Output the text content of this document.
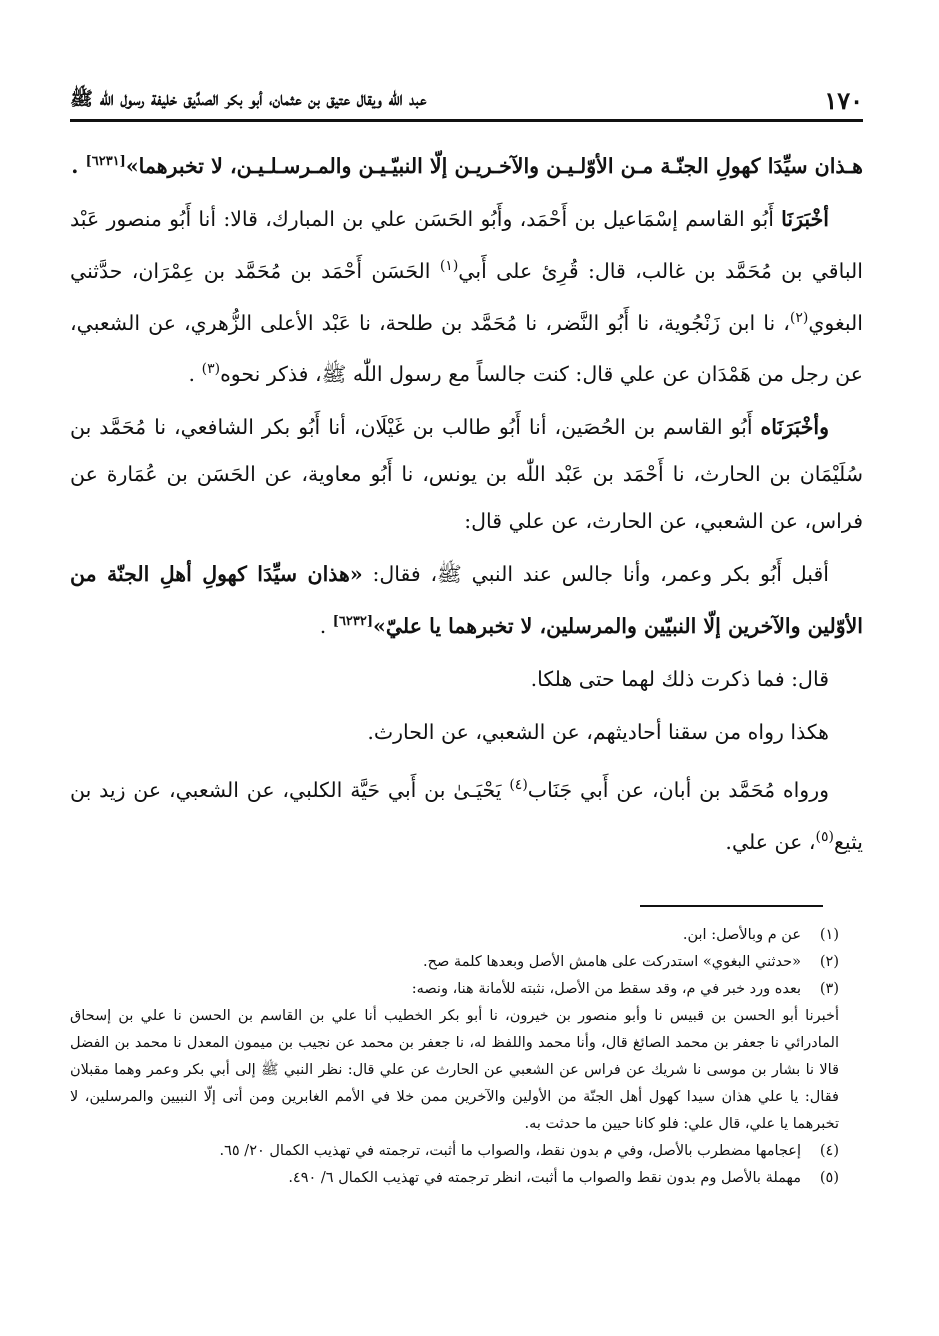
١٧٠
عبد اللّٰه ويقال عتيق بن عثمان، أبو بكر الصدِّيق خليفة رسول اللّٰه ﷺ

هـذان سيِّدَا كهولِ الجنّـة مـن الأوّلـيـن والآخـريـن إلّا النبيّـيـن والمـرسـلـيـن، لا تخبرهما»[٦٢٣١] .

أخْبَرَنَا أَبُو القاسم إسْمَاعيل بن أَحْمَد، وأَبُو الحَسَن علي بن المبارك، قالا: أنا أَبُو منصور عَبْد الباقي بن مُحَمَّد بن غالب، قال: قُرِئ على أَبي$^{(١)}$ الحَسَن أَحْمَد بن مُحَمَّد بن عِمْرَان، حدَّثني البغوي$^{(٢)}$، نا ابن زَنْجُوية، نا أَبُو النَّضر، نا مُحَمَّد بن طلحة، نا عَبْد الأعلى الزُّهري، عن الشعبي، عن رجل من هَمْدَان عن علي قال: كنت جالساً مع رسول اللّٰه ﷺ، فذكر نحوه$^{(٣)}$ .

وأخْبَرَنَاه أَبُو القاسم بن الحُصَين، أنا أَبُو طالب بن غَيْلَان، أنا أَبُو بكر الشافعي، نا مُحَمَّد بن سُلَيْمَان بن الحارث، نا أَحْمَد بن عَبْد اللّٰه بن يونس، نا أَبُو معاوية، عن الحَسَن بن عُمَارة عن فراس، عن الشعبي، عن الحارث، عن علي قال:

أقبل أَبُو بكر وعمر، وأنا جالس عند النبي ﷺ، فقال: «هذان سيِّدَا كهولِ أهلِ الجنّة من الأوّلين والآخرين إلّا النبيّين والمرسلين، لا تخبرهما يا عليّ»[٦٢٣٢] .

قال: فما ذكرت ذلك لهما حتى هلكا.

هكذا رواه من سقنا أحاديثهم، عن الشعبي، عن الحارث.

ورواه مُحَمَّد بن أبان، عن أَبي جَنَاب$^{(٤)}$ يَحْيَـىٰ بن أَبي حَيَّة الكلبي، عن الشعبي، عن زيد بن يثيع$^{(٥)}$، عن علي.

(١)
عن م وبالأصل: ابن.
(٢)
«حدثني البغوي» استدركت على هامش الأصل وبعدها كلمة صح.
(٣)
بعده ورد خبر في م، وقد سقط من الأصل، نثبته للأمانة هنا، ونصه:
أخبرنا أبو الحسن بن قبيس نا وأبو منصور بن خيرون، نا أبو بكر الخطيب أنا علي بن القاسم بن الحسن نا علي بن إسحاق المادرائي نا جعفر بن محمد الصائغ قال، وأنا محمد واللفظ له، نا جعفر بن محمد عن نجيب بن ميمون المعدل نا محمد بن الفضل قالا نا بشار بن موسى نا شريك عن فراس عن الشعبي عن الحارث عن علي قال: نظر النبي ﷺ إلى أبي بكر وعمر وهما مقبلان فقال: يا علي هذان سيدا كهول أهل الجنّة من الأولين والآخرين ممن خلا في الأمم الغابرين ومن أتى إلّا النبيين والمرسلين، لا تخبرهما يا علي، قال علي: فلو كانا حيين ما حدثت به.
(٤)
إعجامها مضطرب بالأصل، وفي م بدون نقط، والصواب ما أثبت، ترجمته في تهذيب الكمال ٢٠/ ٦٥.
(٥)
مهملة بالأصل وم بدون نقط والصواب ما أثبت، انظر ترجمته في تهذيب الكمال ٦/ ٤٩٠.
